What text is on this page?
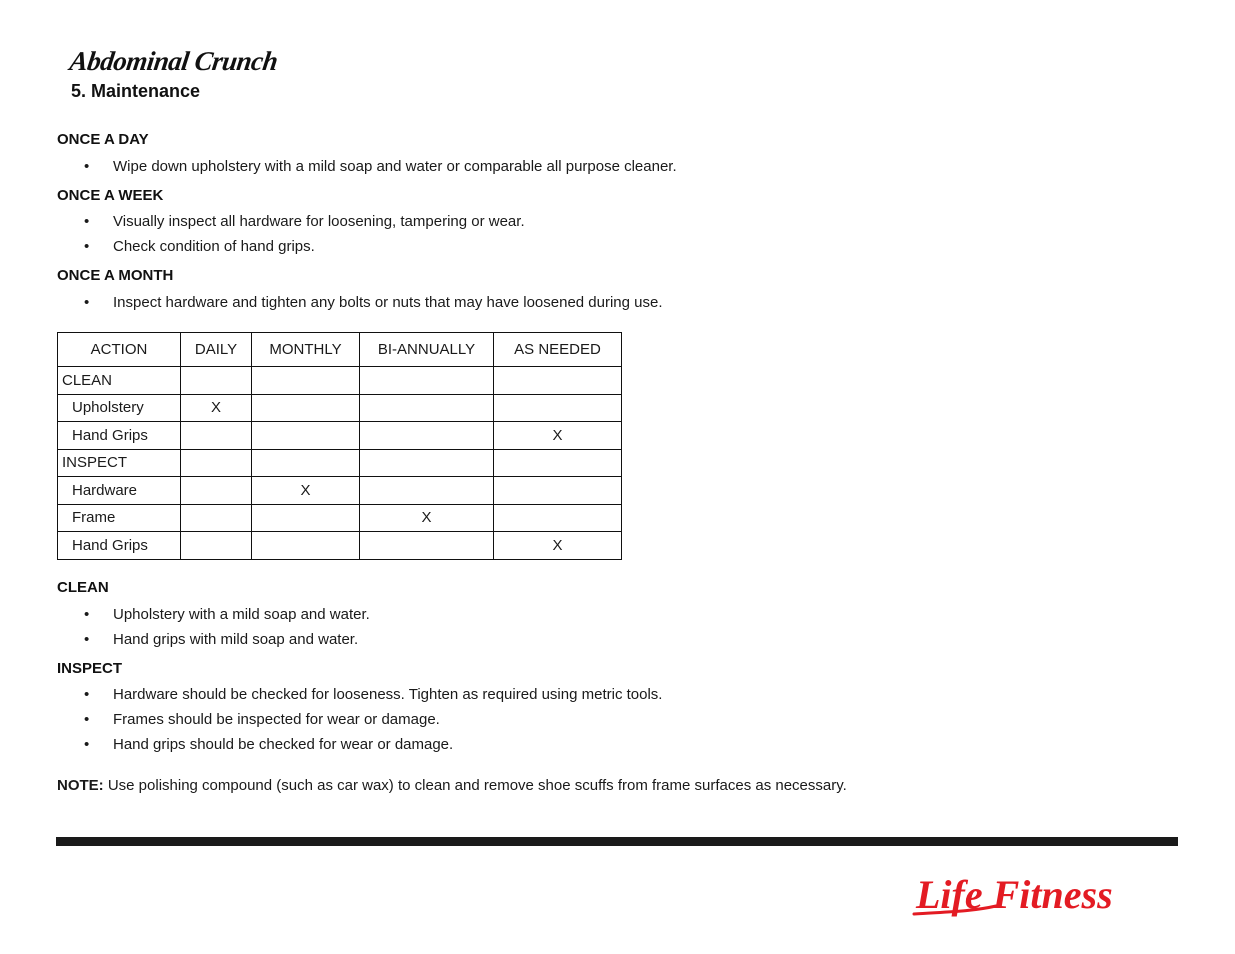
Abdominal Crunch
5. Maintenance
ONCE A DAY
• Wipe down upholstery with a mild soap and water or comparable all purpose cleaner.
ONCE A WEEK
• Visually inspect all hardware for loosening, tampering or wear.
• Check condition of hand grips.
ONCE A MONTH
• Inspect hardware and tighten any bolts or nuts that may have loosened during use.
ACTION	DAILY	MONTHLY	BI-ANNUALLY	AS NEEDED
CLEAN				
Upholstery	X			
Hand Grips				X
INSPECT				
Hardware		X		
Frame			X	
Hand Grips				X
CLEAN
• Upholstery with a mild soap and water.
• Hand grips with mild soap and water.
INSPECT
• Hardware should be checked for looseness. Tighten as required using metric tools.
• Frames should be inspected for wear or damage.
• Hand grips should be checked for wear or damage.

NOTE: Use polishing compound (such as car wax) to clean and remove shoe scuffs from frame surfaces as necessary.

Life Fitness
